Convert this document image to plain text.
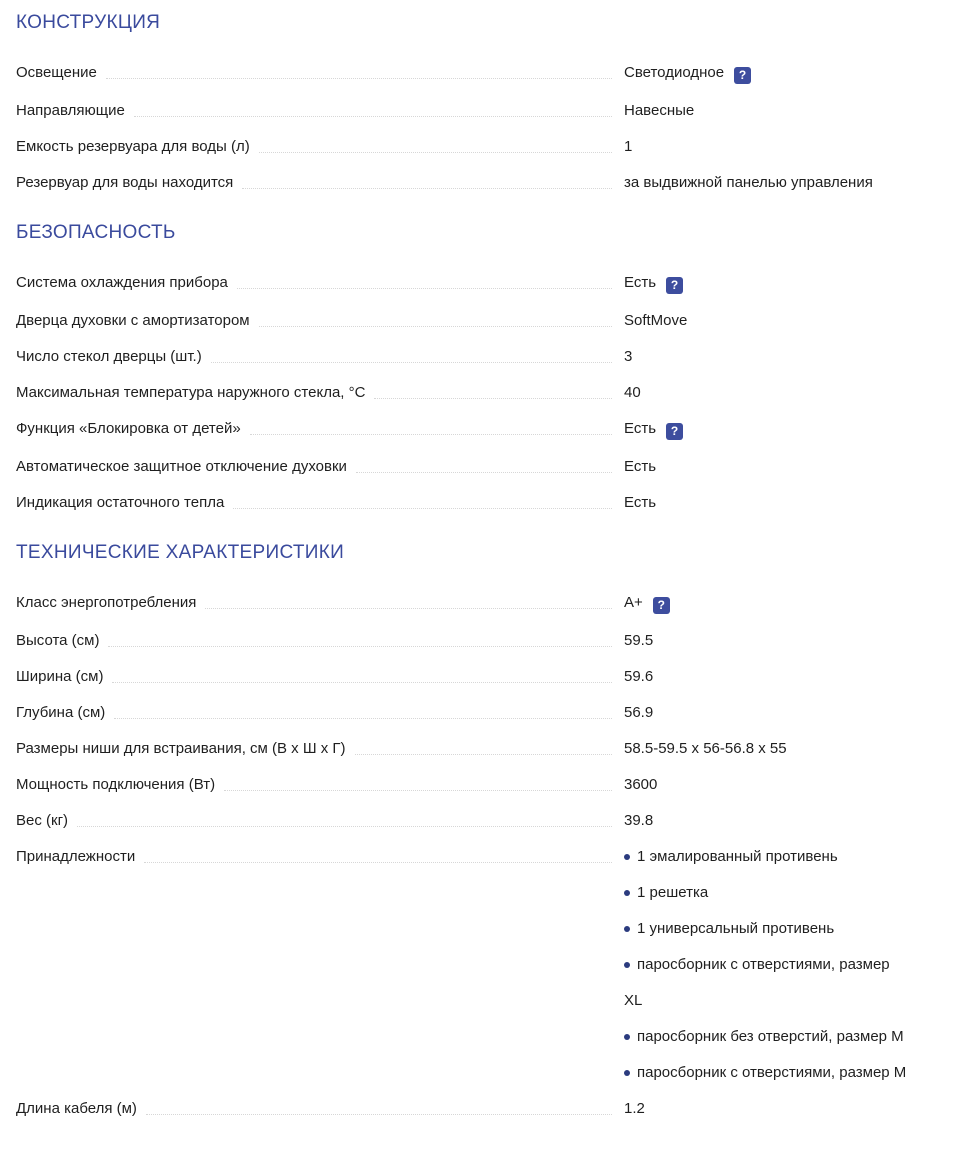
КОНСТРУКЦИЯ
Освещение	Светодиодное ?
Направляющие	Навесные
Емкость резервуара для воды (л)	1
Резервуар для воды находится	за выдвижной панелью управления
БЕЗОПАСНОСТЬ
Система охлаждения прибора	Есть ?
Дверца духовки с амортизатором	SoftMove
Число стекол дверцы (шт.)	3
Максимальная температура наружного стекла, °С	40
Функция «Блокировка от детей»	Есть ?
Автоматическое защитное отключение духовки	Есть
Индикация остаточного тепла	Есть
ТЕХНИЧЕСКИЕ ХАРАКТЕРИСТИКИ
Класс энергопотребления	A+ ?
Высота (см)	59.5
Ширина (см)	59.6
Глубина (см)	56.9
Размеры ниши для встраивания, см (В х Ш х Г)	58.5-59.5 x 56-56.8 x 55
Мощность подключения (Вт)	3600
Вес (кг)	39.8
Принадлежности	1 эмалированный противень
1 решетка
1 универсальный противень
паросборник с отверстиями, размер
XL
паросборник без отверстий, размер М
паросборник с отверстиями, размер М
Длина кабеля (м)	1.2
